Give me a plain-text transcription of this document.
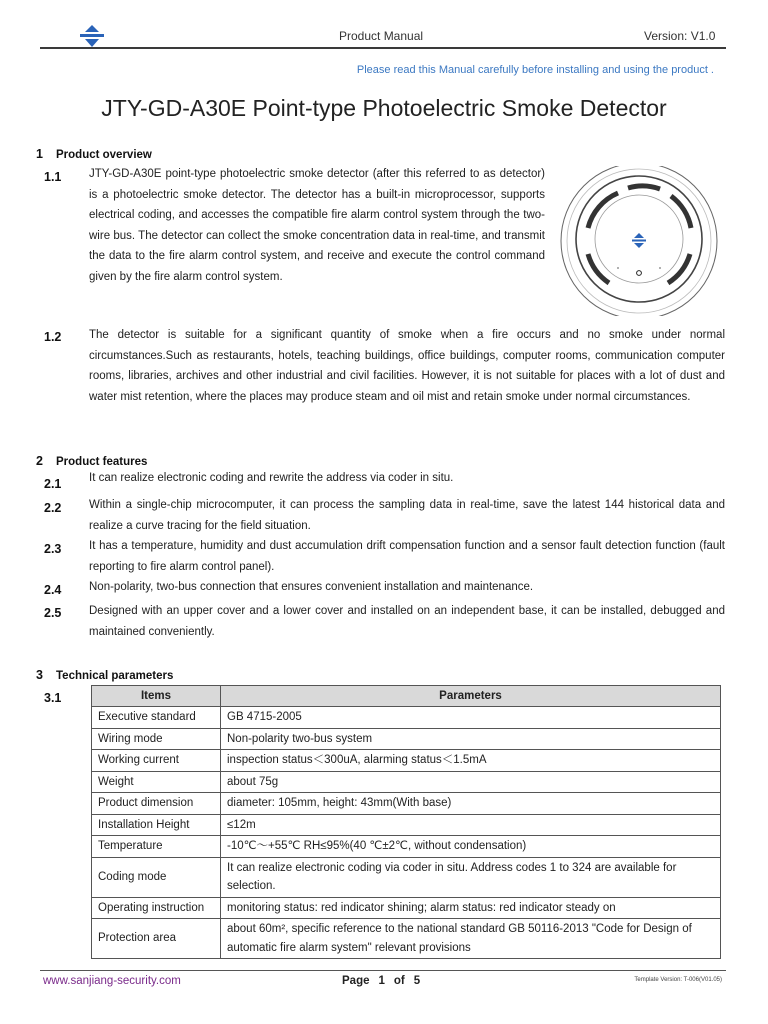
Product Manual	Version: V1.0
Please read this Manual carefully before installing and using the product .
JTY-GD-A30E Point-type Photoelectric Smoke Detector
1 Product overview
1.1 JTY-GD-A30E point-type photoelectric smoke detector (after this referred to as detector) is a photoelectric smoke detector. The detector has a built-in microprocessor, supports electrical coding, and accesses the compatible fire alarm control system through the two-wire bus. The detector can collect the smoke concentration data in real-time, and transmit the data to the fire alarm control system, and receive and execute the control command given by the fire alarm control system.
1.2 The detector is suitable for a significant quantity of smoke when a fire occurs and no smoke under normal circumstances.Such as restaurants, hotels, teaching buildings, office buildings, computer rooms, communication computer rooms, libraries, archives and other industrial and civil facilities. However, it is not suitable for places with a lot of dust and water mist retention, where the places may produce steam and oil mist and retain smoke under normal circumstances.
2 Product features
2.1 It can realize electronic coding and rewrite the address via coder in situ.
2.2 Within a single-chip microcomputer, it can process the sampling data in real-time, save the latest 144 historical data and realize a curve tracing for the field situation.
2.3 It has a temperature, humidity and dust accumulation drift compensation function and a sensor fault detection function (fault reporting to fire alarm control panel).
2.4 Non-polarity, two-bus connection that ensures convenient installation and maintenance.
2.5 Designed with an upper cover and a lower cover and installed on an independent base, it can be installed, debugged and maintained conveniently.
3 Technical parameters
3.1	Items	Parameters
Executive standard	GB 4715-2005
Wiring mode	Non-polarity two-bus system
Working current	inspection status＜300uA, alarming status＜1.5mA
Weight	about 75g
Product dimension	diameter: 105mm, height: 43mm(With base)
Installation Height	≤12m
Temperature	-10℃～+55℃ RH≤95%(40 ℃±2℃, without condensation)
Coding mode	It can realize electronic coding via coder in situ. Address codes 1 to 324 are available for selection.
Operating instruction	monitoring status: red indicator shining; alarm status: red indicator steady on
Protection area	about 60m², specific reference to the national standard GB 50116-2013 "Code for Design of automatic fire alarm system" relevant provisions
www.sanjiang-security.com	Page 1 of 5	Template Version: T-006(V01.05)
